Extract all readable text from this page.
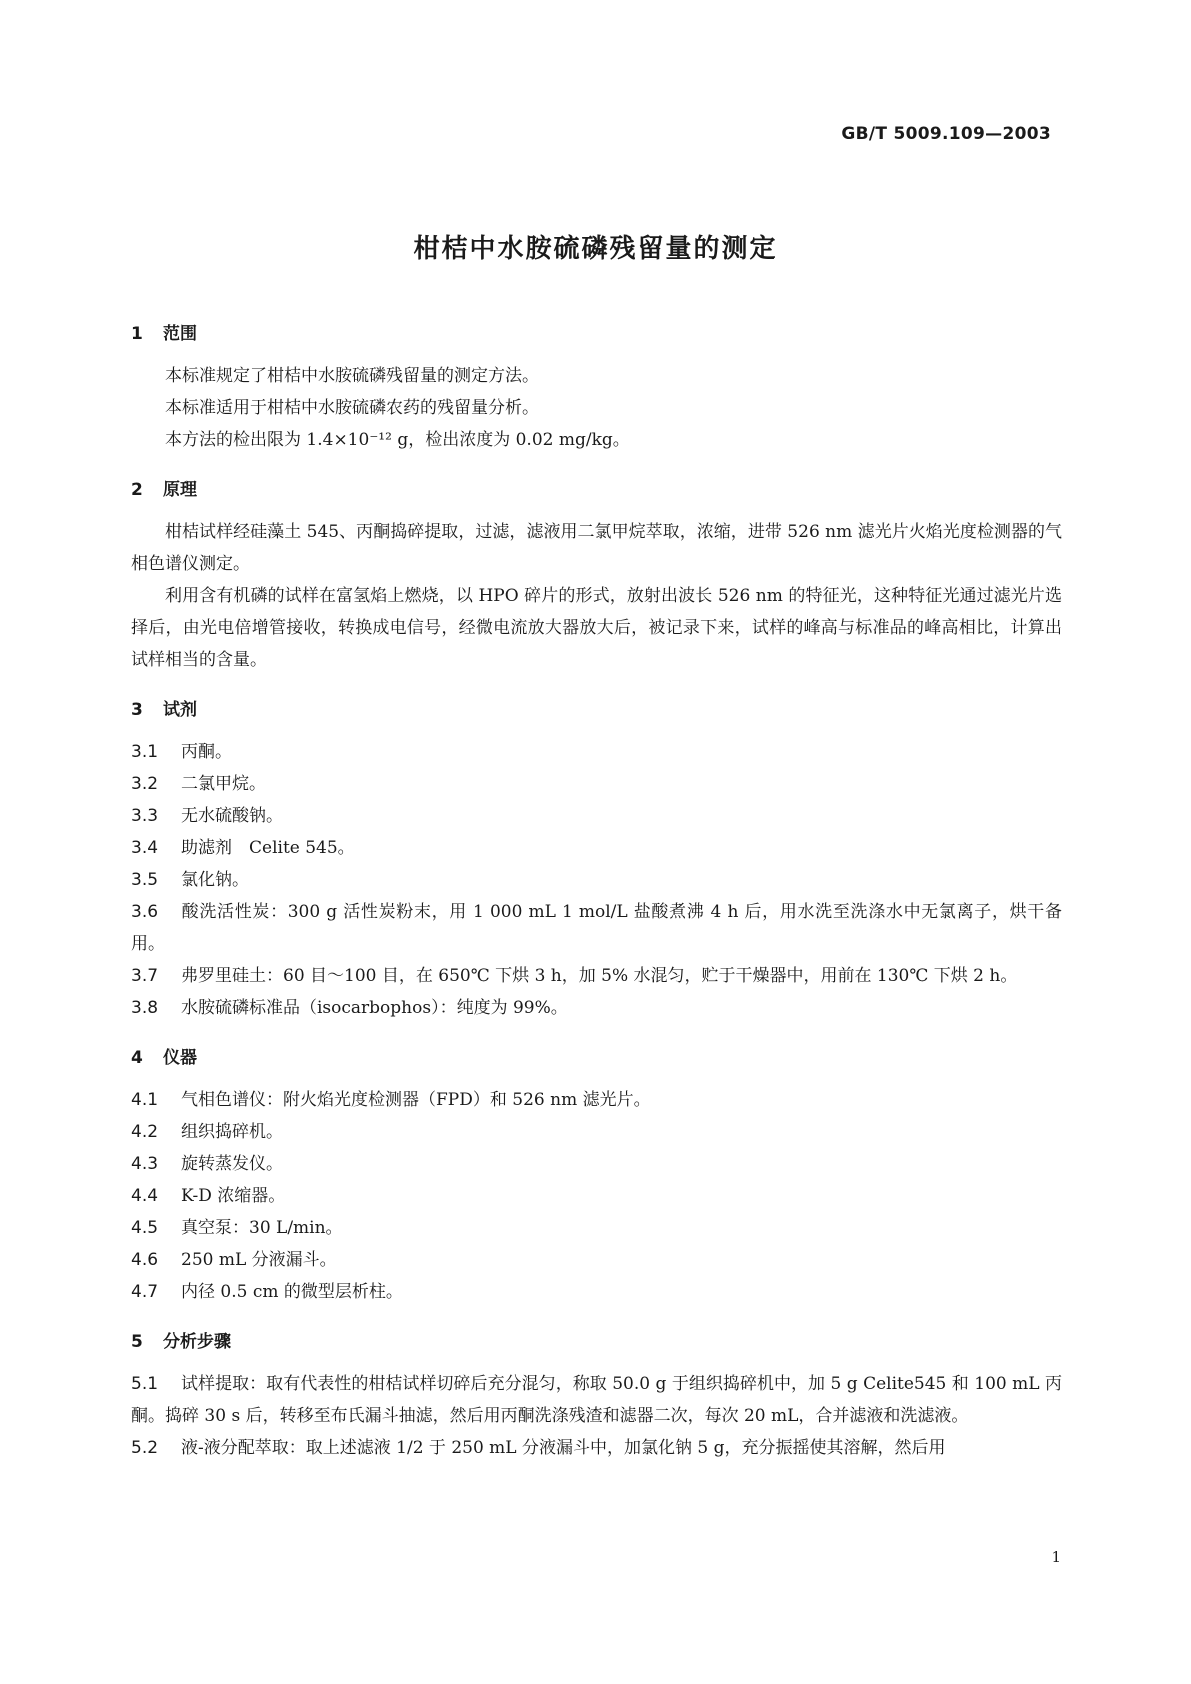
GB/T 5009.109—2003
柑桔中水胺硫磷残留量的测定
1 范围
本标准规定了柑桔中水胺硫磷残留量的测定方法。
本标准适用于柑桔中水胺硫磷农药的残留量分析。
本方法的检出限为 1.4×10⁻¹² g，检出浓度为 0.02 mg/kg。
2 原理
柑桔试样经硅藻土 545、丙酮捣碎提取，过滤，滤液用二氯甲烷萃取，浓缩，进带 526 nm 滤光片火焰光度检测器的气相色谱仪测定。
利用含有机磷的试样在富氢焰上燃烧，以 HPO 碎片的形式，放射出波长 526 nm 的特征光，这种特征光通过滤光片选择后，由光电倍增管接收，转换成电信号，经微电流放大器放大后，被记录下来，试样的峰高与标准品的峰高相比，计算出试样相当的含量。
3 试剂
3.1 丙酮。
3.2 二氯甲烷。
3.3 无水硫酸钠。
3.4 助滤剂　Celite 545。
3.5 氯化钠。
3.6 酸洗活性炭：300 g 活性炭粉末，用 1 000 mL 1 mol/L 盐酸煮沸 4 h 后，用水洗至洗涤水中无氯离子，烘干备用。
3.7 弗罗里硅土：60 目～100 目，在 650℃ 下烘 3 h，加 5% 水混匀，贮于干燥器中，用前在 130℃ 下烘 2 h。
3.8 水胺硫磷标准品（isocarbophos）：纯度为 99%。
4 仪器
4.1 气相色谱仪：附火焰光度检测器（FPD）和 526 nm 滤光片。
4.2 组织捣碎机。
4.3 旋转蒸发仪。
4.4 K-D 浓缩器。
4.5 真空泵：30 L/min。
4.6 250 mL 分液漏斗。
4.7 内径 0.5 cm 的微型层析柱。
5 分析步骤
5.1 试样提取：取有代表性的柑桔试样切碎后充分混匀，称取 50.0 g 于组织捣碎机中，加 5 g Celite545 和 100 mL 丙酮。捣碎 30 s 后，转移至布氏漏斗抽滤，然后用丙酮洗涤残渣和滤器二次，每次 20 mL，合并滤液和洗滤液。
5.2 液-液分配萃取：取上述滤液 1/2 于 250 mL 分液漏斗中，加氯化钠 5 g，充分振摇使其溶解，然后用
1
